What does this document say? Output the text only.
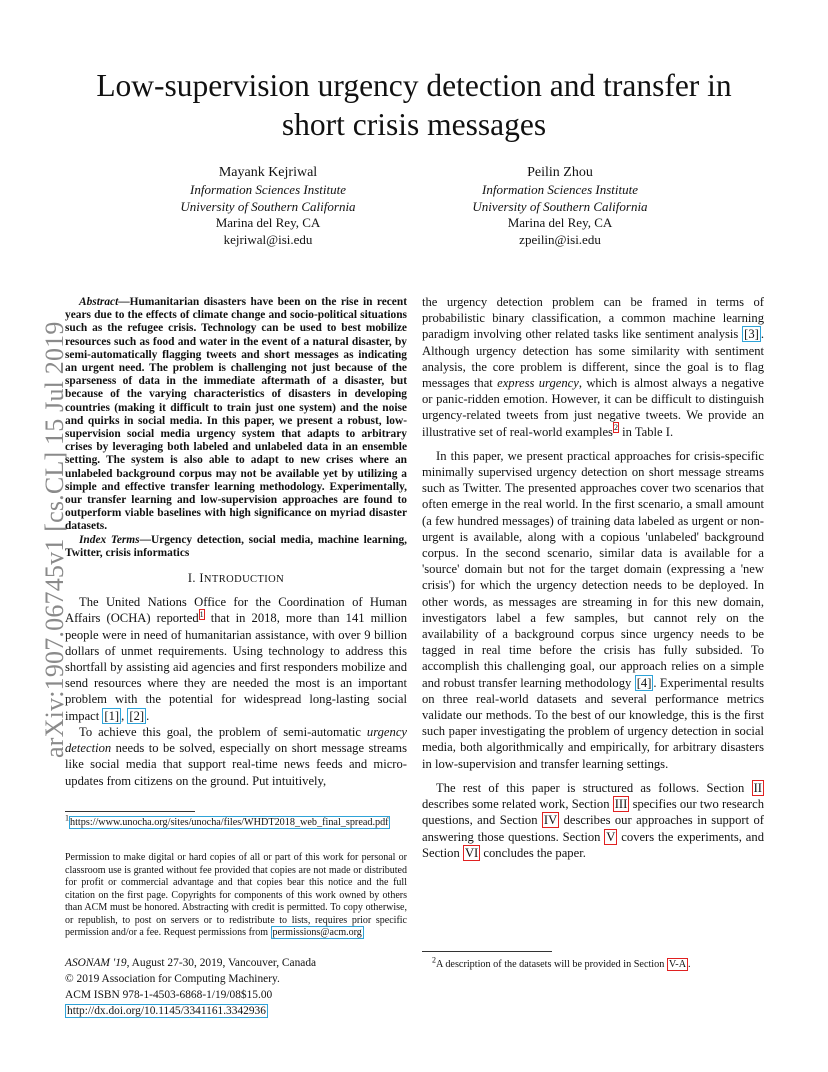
Low-supervision urgency detection and transfer in
short crisis messages
Mayank Kejriwal
Information Sciences Institute
University of Southern California
Marina del Rey, CA
kejriwal@isi.edu
Peilin Zhou
Information Sciences Institute
University of Southern California
Marina del Rey, CA
zpeilin@isi.edu
arXiv:1907.06745v1 [cs.CL] 15 Jul 2019
Abstract—Humanitarian disasters have been on the rise in recent years due to the effects of climate change and socio-political situations such as the refugee crisis. Technology can be used to best mobilize resources such as food and water in the event of a natural disaster, by semi-automatically flagging tweets and short messages as indicating an urgent need. The problem is challenging not just because of the sparseness of data in the immediate aftermath of a disaster, but because of the varying characteristics of disasters in developing countries (making it difficult to train just one system) and the noise and quirks in social media. In this paper, we present a robust, low-supervision social media urgency system that adapts to arbitrary crises by leveraging both labeled and unlabeled data in an ensemble setting. The system is also able to adapt to new crises where an unlabeled background corpus may not be available yet by utilizing a simple and effective transfer learning methodology. Experimentally, our transfer learning and low-supervision approaches are found to outperform viable baselines with high significance on myriad disaster datasets.
Index Terms—Urgency detection, social media, machine learning, Twitter, crisis informatics
I. INTRODUCTION

The United Nations Office for the Coordination of Human Affairs (OCHA) reported$^1$ that in 2018, more than 141 million people were in need of humanitarian assistance, with over 9 billion dollars of unmet requirements. Using technology to address this shortfall by assisting aid agencies and first responders mobilize and send resources where they are needed the most is an important problem with the potential for widespread long-lasting social impact [1] , [2] .

To achieve this goal, the problem of semi-automatic urgency detection needs to be solved, especially on short message streams like social media that support real-time news feeds and micro-updates from citizens on the ground. Put intuitively,

$^1$https://www.unocha.org/sites/unocha/files/WHDT2018_web_final_spread.pdf
Permission to make digital or hard copies of all or part of this work for personal or classroom use is granted without fee provided that copies are not made or distributed for profit or commercial advantage and that copies bear this notice and the full citation on the first page. Copyrights for components of this work owned by others than ACM must be honored. Abstracting with credit is permitted. To copy otherwise, or republish, to post on servers or to redistribute to lists, requires prior specific permission and/or a fee. Request permissions from permissions@acm.org
ASONAM '19, August 27-30, 2019, Vancouver, Canada
© 2019 Association for Computing Machinery.
ACM ISBN 978-1-4503-6868-1/19/08$15.00
http://dx.doi.org/10.1145/3341161.3342936

the urgency detection problem can be framed in terms of probabilistic binary classification, a common machine learning paradigm involving other related tasks like sentiment analysis [3] . Although urgency detection has some similarity with sentiment analysis, the core problem is different, since the goal is to flag messages that express urgency, which is almost always a negative or panic-ridden emotion. However, it can be difficult to distinguish urgency-related tweets from just negative tweets. We provide an illustrative set of real-world examples$^2$ in Table I.

In this paper, we present practical approaches for crisis-specific minimally supervised urgency detection on short message streams such as Twitter. The presented approaches cover two scenarios that often emerge in the real world. In the first scenario, a small amount (a few hundred messages) of training data labeled as urgent or non-urgent is available, along with a copious 'unlabeled' background corpus. In the second scenario, similar data is available for a 'source' domain but not for the target domain (expressing a 'new crisis') for which the urgency detection needs to be deployed. In other words, as messages are streaming in for this new domain, investigators label a few samples, but cannot rely on the availability of a background corpus since urgency needs to be tagged in real time before the crisis has fully subsided. To accomplish this challenging goal, our approach relies on a simple and robust transfer learning methodology [4] . Experimental results on three real-world datasets and several performance metrics validate our methods. To the best of our knowledge, this is the first such paper investigating the problem of urgency detection in social media, both algorithmically and empirically, for arbitrary disasters in low-supervision and transfer learning settings.

The rest of this paper is structured as follows. Section II describes some related work, Section III specifies our two research questions, and Section IV describes our approaches in support of answering those questions. Section V covers the experiments, and Section VI concludes the paper.

$^2$A description of the datasets will be provided in Section V-A .
